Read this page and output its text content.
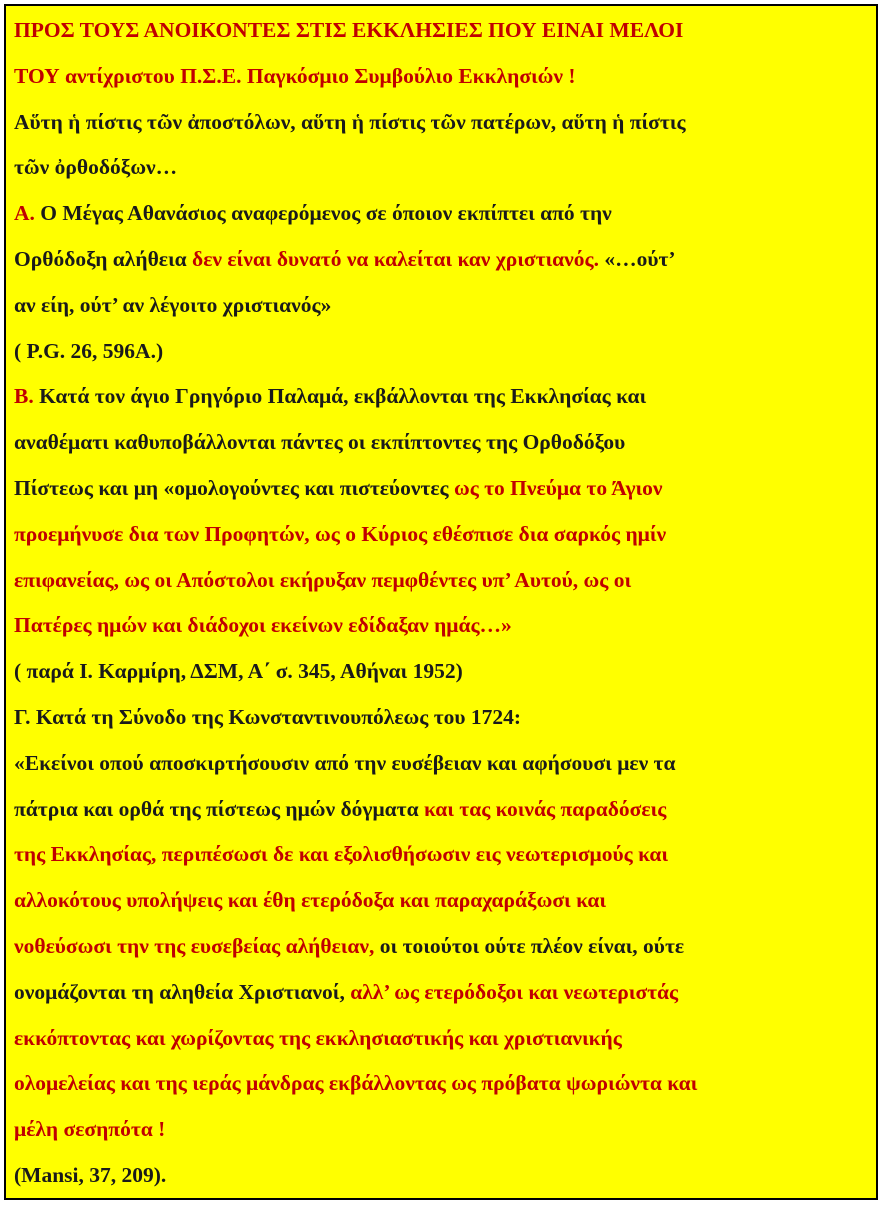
ΠΡΟΣ ΤΟΥΣ ΑΝΟΙΚΟΝΤΕΣ ΣΤΙΣ ΕΚΚΛΗΣΙΕΣ ΠΟΥ ΕΙΝΑΙ ΜΕΛΟΙ
ΤΟΥ αντίχριστου Π.Σ.Ε. Παγκόσμιο Συμβούλιο Εκκλησιών !
Αὕτη ἡ πίστις τῶν ἀποστόλων, αὕτη ἡ πίστις τῶν πατέρων, αὕτη ἡ πίστις
τῶν ὀρθοδόξων…
Α. Ο Μέγας Αθανάσιος αναφερόμενος σε όποιον εκπίπτει από την
Ορθόδοξη αλήθεια δεν είναι δυνατό να καλείται καν χριστιανός. «…ούτ’
αν είη, ούτ’ αν λέγοιτο χριστιανός»
( P.G. 26, 596A.)
Β. Κατά τον άγιο Γρηγόριο Παλαμά, εκβάλλονται της Εκκλησίας και
αναθέματι καθυποβάλλονται πάντες οι εκπίπτοντες της Ορθοδόξου
Πίστεως και μη «ομολογούντες και πιστεύοντες ως το Πνεύμα το Άγιον
προεμήνυσε δια των Προφητών, ως ο Κύριος εθέσπισε δια σαρκός ημίν
επιφανείας, ως οι Απόστολοι εκήρυξαν πεμφθέντες υπ’ Αυτού, ως οι
Πατέρες ημών και διάδοχοι εκείνων εδίδαξαν ημάς…»
( παρά Ι. Καρμίρη, ΔΣΜ, Α΄ σ. 345, Αθήναι 1952)
Γ. Κατά τη Σύνοδο της Κωνσταντινουπόλεως του 1724:
«Εκείνοι οπού αποσκιρτήσουσιν από την ευσέβειαν και αφήσουσι μεν τα
πάτρια και ορθά της πίστεως ημών δόγματα και τας κοινάς παραδόσεις
της Εκκλησίας, περιπέσωσι δε και εξολισθήσωσιν εις νεωτερισμούς και
αλλοκότους υπολήψεις και έθη ετερόδοξα και παραχαράξωσι και
νοθεύσωσι την της ευσεβείας αλήθειαν, οι τοιούτοι ούτε πλέον είναι, ούτε
ονομάζονται τη αληθεία Χριστιανοί, αλλ’ ως ετερόδοξοι και νεωτεριστάς
εκκόπτοντας και χωρίζοντας της εκκλησιαστικής και χριστιανικής
ολομελείας και της ιεράς μάνδρας εκβάλλοντας ως πρόβατα ψωριώντα και
μέλη σεσηπότα !
(Mansi, 37, 209).
